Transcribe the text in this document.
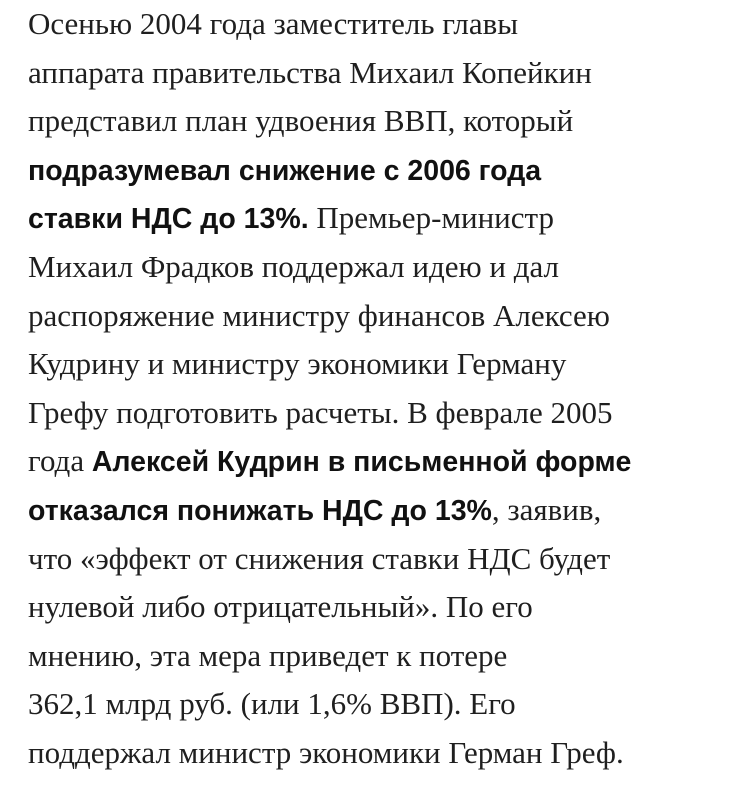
Осенью 2004 года заместитель главы
аппарата правительства Михаил Копейкин
представил план удвоения ВВП, который
подразумевал снижение с 2006 года
ставки НДС до 13%. Премьер-министр
Михаил Фрадков поддержал идею и дал
распоряжение министру финансов Алексею
Кудрину и министру экономики Герману
Грефу подготовить расчеты. В феврале 2005
года Алексей Кудрин в письменной форме
отказался понижать НДС до 13%, заявив,
что «эффект от снижения ставки НДС будет
нулевой либо отрицательный». По его
мнению, эта мера приведет к потере
362,1 млрд руб. (или 1,6% ВВП). Его
поддержал министр экономики Герман Греф.
